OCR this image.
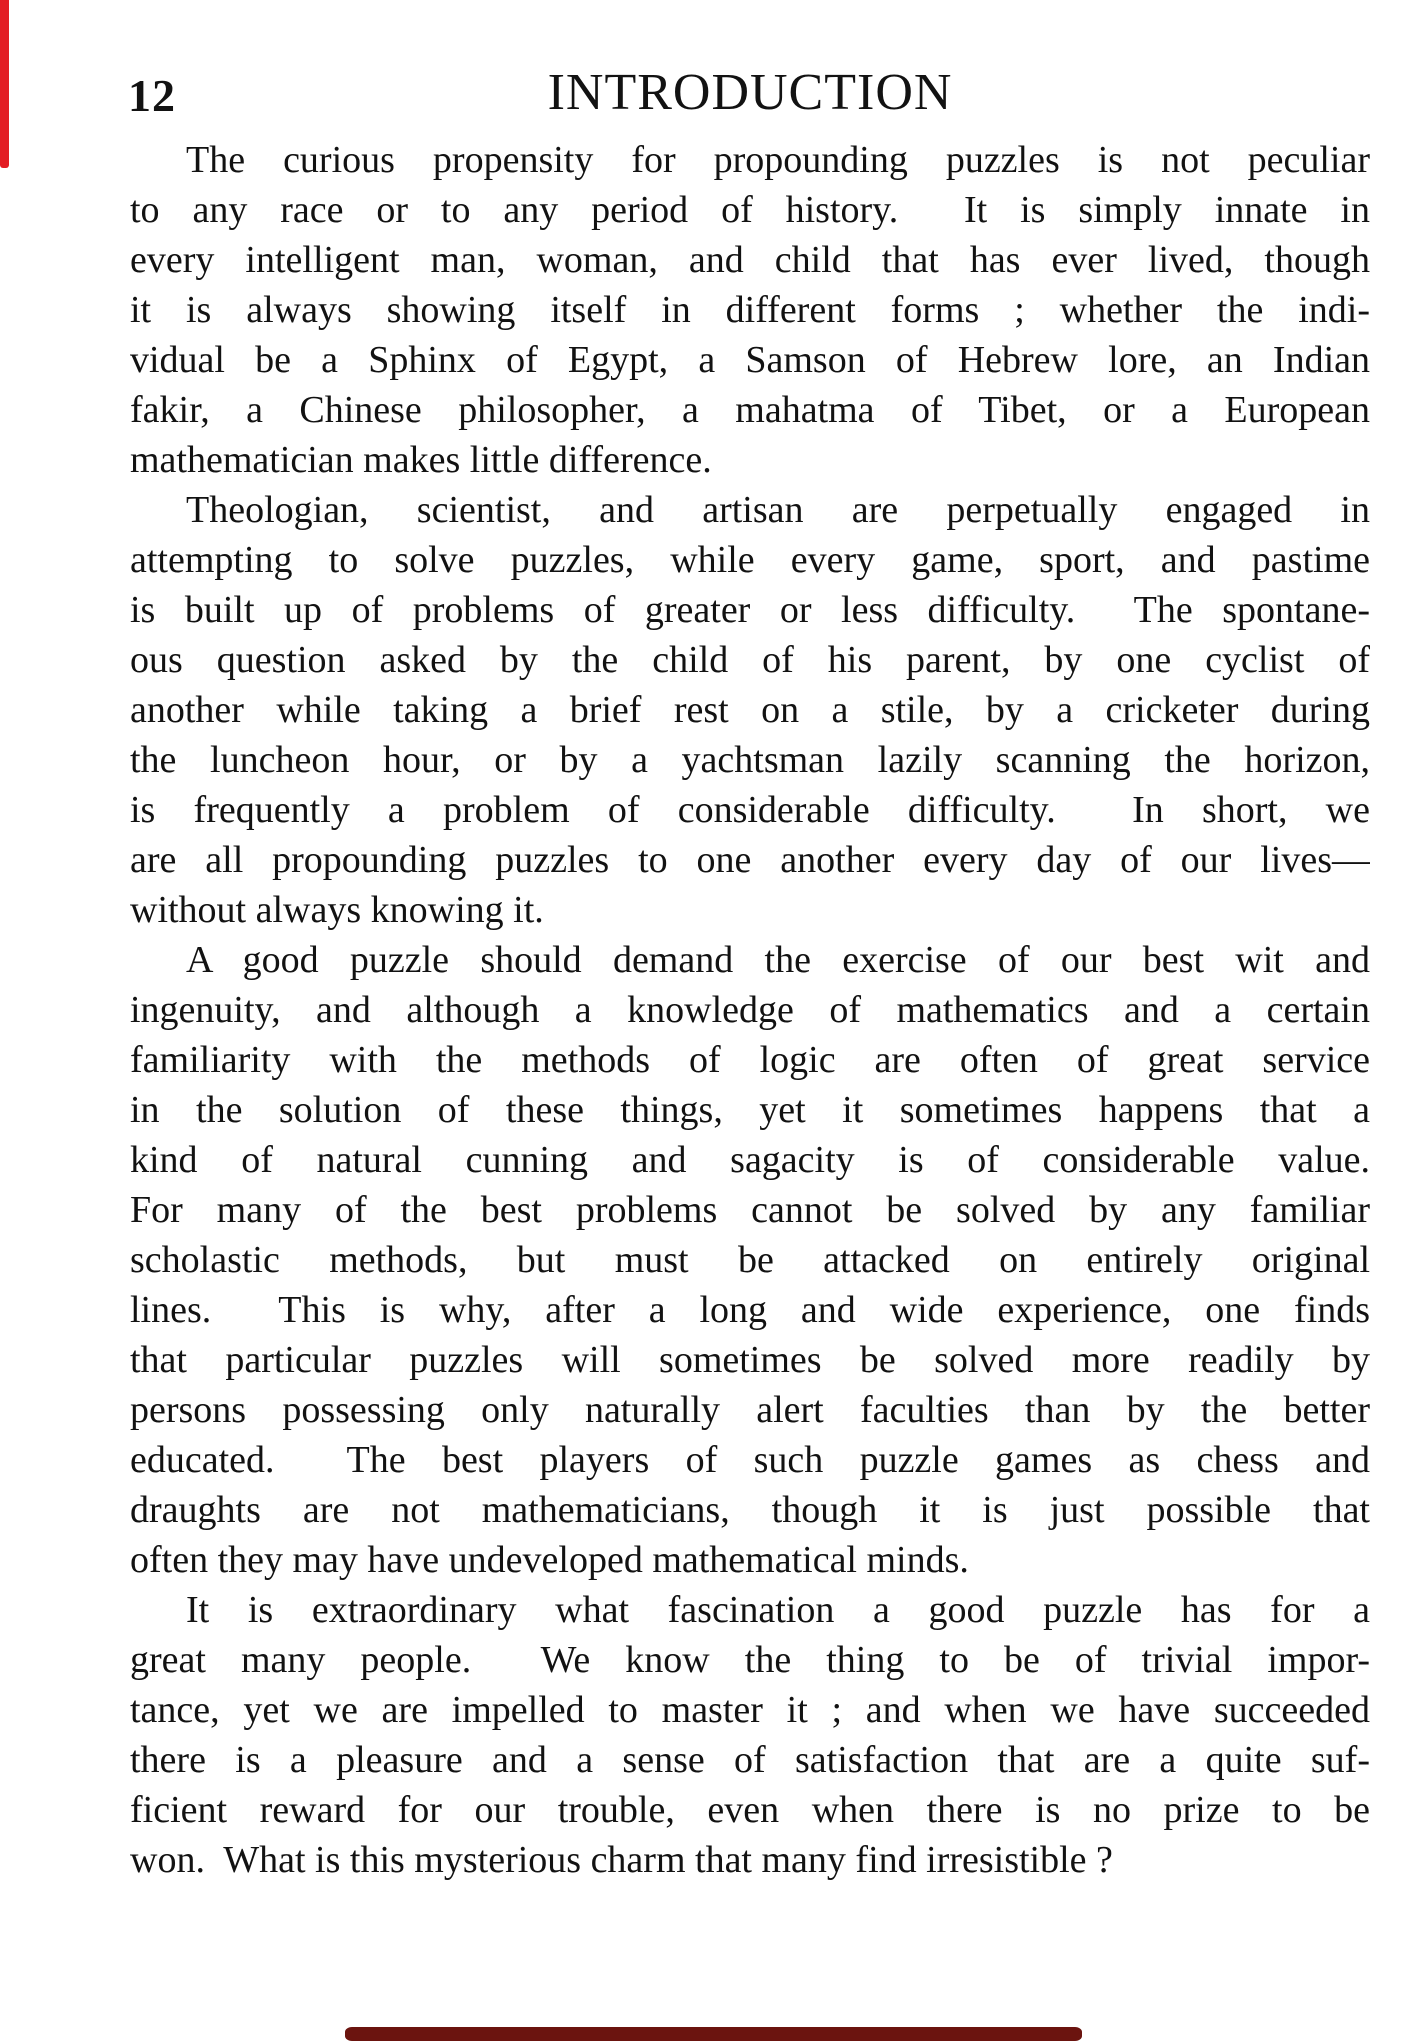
12	INTRODUCTION
The curious propensity for propounding puzzles is not peculiar
to any race or to any period of history.  It is simply innate in
every intelligent man, woman, and child that has ever lived, though
it is always showing itself in different forms ; whether the indi-
vidual be a Sphinx of Egypt, a Samson of Hebrew lore, an Indian
fakir, a Chinese philosopher, a mahatma of Tibet, or a European
mathematician makes little difference.
Theologian, scientist, and artisan are perpetually engaged in
attempting to solve puzzles, while every game, sport, and pastime
is built up of problems of greater or less difficulty.  The spontane-
ous question asked by the child of his parent, by one cyclist of
another while taking a brief rest on a stile, by a cricketer during
the luncheon hour, or by a yachtsman lazily scanning the horizon,
is frequently a problem of considerable difficulty.  In short, we
are all propounding puzzles to one another every day of our lives—
without always knowing it.
A good puzzle should demand the exercise of our best wit and
ingenuity, and although a knowledge of mathematics and a certain
familiarity with the methods of logic are often of great service
in the solution of these things, yet it sometimes happens that a
kind of natural cunning and sagacity is of considerable value.
For many of the best problems cannot be solved by any familiar
scholastic methods, but must be attacked on entirely original
lines.  This is why, after a long and wide experience, one finds
that particular puzzles will sometimes be solved more readily by
persons possessing only naturally alert faculties than by the better
educated.  The best players of such puzzle games as chess and
draughts are not mathematicians, though it is just possible that
often they may have undeveloped mathematical minds.
It is extraordinary what fascination a good puzzle has for a
great many people.  We know the thing to be of trivial impor-
tance, yet we are impelled to master it ; and when we have succeeded
there is a pleasure and a sense of satisfaction that are a quite suf-
ficient reward for our trouble, even when there is no prize to be
won.  What is this mysterious charm that many find irresistible ?
